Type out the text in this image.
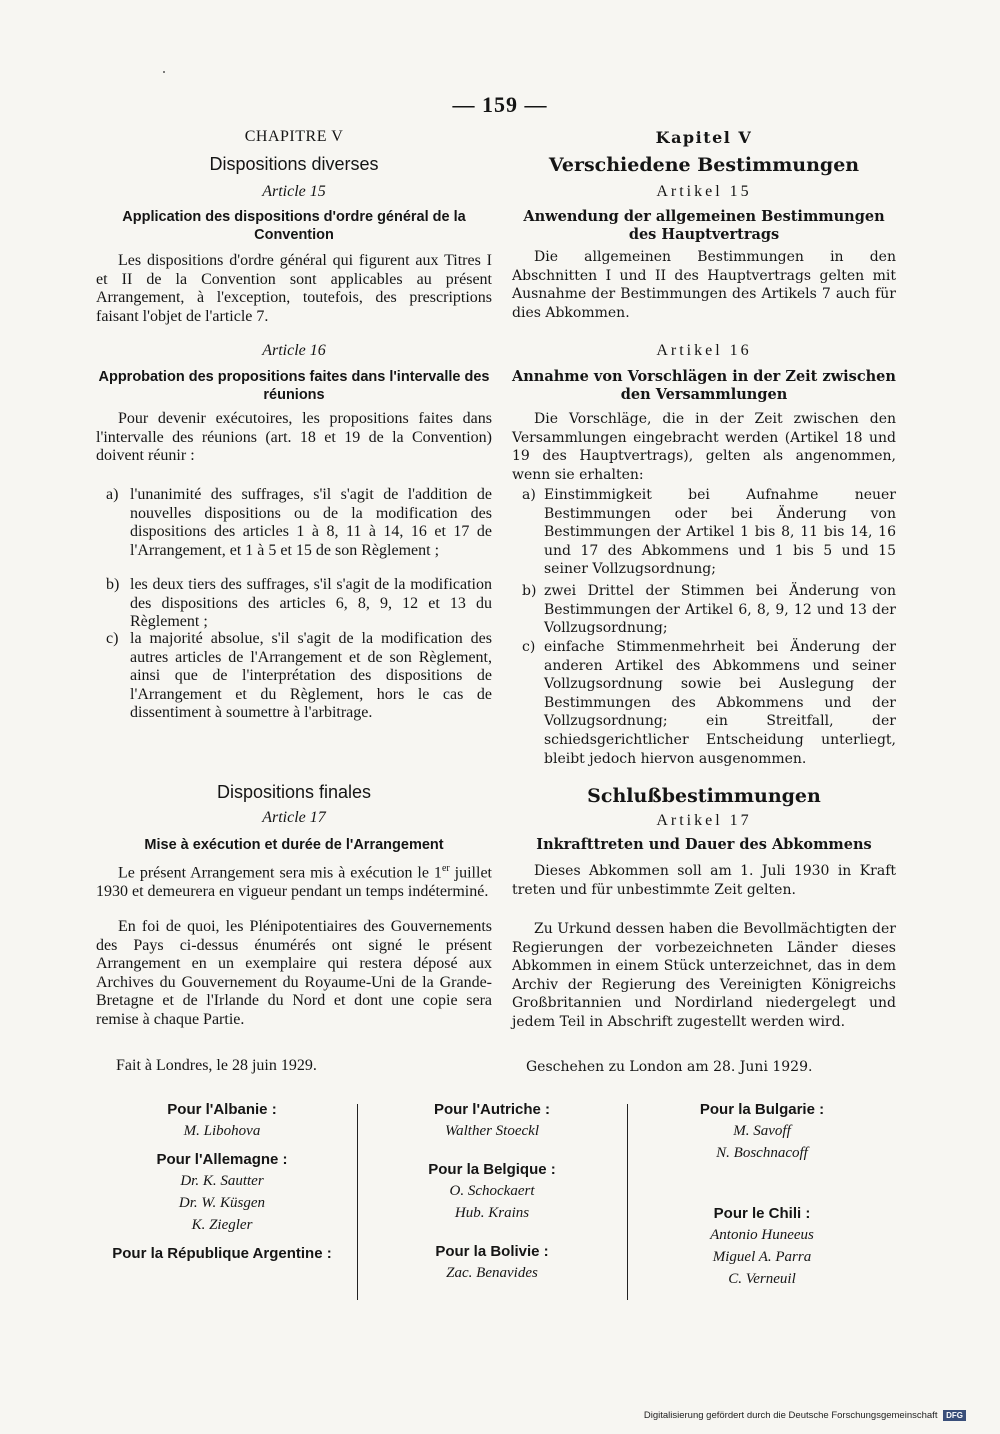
— 159 —
CHAPITRE V
Dispositions diverses
Article 15
Application des dispositions d'ordre général de la Convention

Les dispositions d'ordre général qui figurent aux Titres I et II de la Convention sont applicables au présent Arrangement, à l'exception, toutefois, des prescriptions faisant l'objet de l'article 7.

Article 16
Approbation des propositions faites dans l'intervalle des réunions

Pour devenir exécutoires, les propositions faites dans l'intervalle des réunions (art. 18 et 19 de la Convention) doivent réunir :

a) l'unanimité des suffrages, s'il s'agit de l'addition de nouvelles dispositions ou de la modification des dispositions des articles 1 à 8, 11 à 14, 16 et 17 de l'Arrangement, et 1 à 5 et 15 de son Règlement ;
b) les deux tiers des suffrages, s'il s'agit de la modification des dispositions des articles 6, 8, 9, 12 et 13 du Règlement ;
c) la majorité absolue, s'il s'agit de la modification des autres articles de l'Arrangement et de son Règlement, ainsi que de l'interprétation des dispositions de l'Arrangement et du Règlement, hors le cas de dissentiment à soumettre à l'arbitrage.
Dispositions finales
Article 17
Mise à exécution et durée de l'Arrangement

Le présent Arrangement sera mis à exécution le 1er juillet 1930 et demeurera en vigueur pendant un temps indéterminé.

En foi de quoi, les Plénipotentiaires des Gouvernements des Pays ci-dessus énumérés ont signé le présent Arrangement en un exemplaire qui restera déposé aux Archives du Gouvernement du Royaume-Uni de la Grande-Bretagne et de l'Irlande du Nord et dont une copie sera remise à chaque Partie.

Fait à Londres, le 28 juin 1929.
Kapitel V
Verschiedene Bestimmungen
Artikel 15
Anwendung der allgemeinen Bestimmungen des Hauptvertrags

Die allgemeinen Bestimmungen in den Abschnitten I und II des Hauptvertrags gelten mit Ausnahme der Bestimmungen des Artikels 7 auch für dies Abkommen.

Artikel 16
Annahme von Vorschlägen in der Zeit zwischen den Versammlungen

Die Vorschläge, die in der Zeit zwischen den Versammlungen eingebracht werden (Artikel 18 und 19 des Hauptvertrags), gelten als angenommen, wenn sie erhalten:

a) Einstimmigkeit bei Aufnahme neuer Bestimmungen oder bei Änderung von Bestimmungen der Artikel 1 bis 8, 11 bis 14, 16 und 17 des Abkommens und 1 bis 5 und 15 seiner Vollzugsordnung;
b) zwei Drittel der Stimmen bei Änderung von Bestimmungen der Artikel 6, 8, 9, 12 und 13 der Vollzugsordnung;
c) einfache Stimmenmehrheit bei Änderung der anderen Artikel des Abkommens und seiner Vollzugsordnung sowie bei Auslegung der Bestimmungen des Abkommens und der Vollzugsordnung; ein Streitfall, der schiedsgerichtlicher Entscheidung unterliegt, bleibt jedoch hiervon ausgenommen.
Schlußbestimmungen
Artikel 17
Inkrafttreten und Dauer des Abkommens

Dieses Abkommen soll am 1. Juli 1930 in Kraft treten und für unbestimmte Zeit gelten.

Zu Urkund dessen haben die Bevollmächtigten der Regierungen der vorbezeichneten Länder dieses Abkommen in einem Stück unterzeichnet, das in dem Archiv der Regierung des Vereinigten Königreichs Großbritannien und Nordirland niedergelegt und jedem Teil in Abschrift zugestellt werden wird.

Geschehen zu London am 28. Juni 1929.
Pour l'Albanie :
M. Libohova
Pour l'Allemagne :
Dr. K. Sautter
Dr. W. Küsgen
K. Ziegler
Pour la République Argentine :
Pour l'Autriche :
Walther Stoeckl
Pour la Belgique :
O. Schockaert
Hub. Krains
Pour la Bolivie :
Zac. Benavides
Pour la Bulgarie :
M. Savoff
N. Boschnacoff
Pour le Chili :
Antonio Huneeus
Miguel A. Parra
C. Verneuil
Digitalisierung gefördert durch die Deutsche Forschungsgemeinschaft DFG
